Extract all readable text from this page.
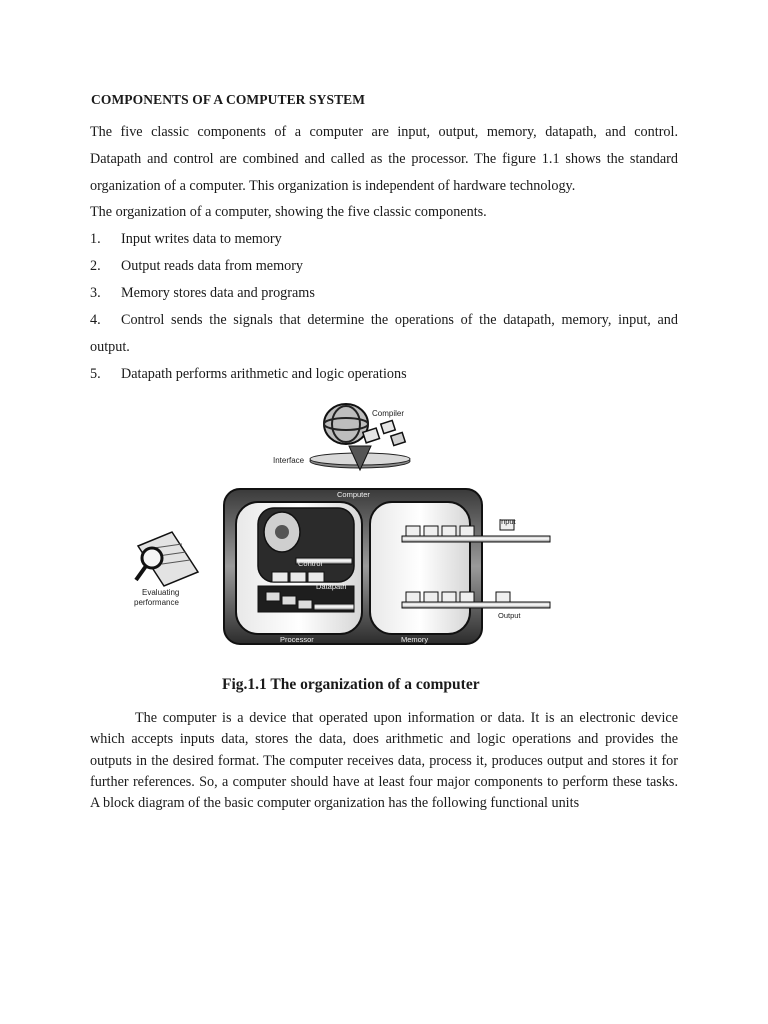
COMPONENTS OF A COMPUTER SYSTEM
The five classic components of a computer are input, output, memory, datapath, and control.
Datapath and control are combined and called as the processor. The figure 1.1 shows the standard
organization of a computer. This organization is independent of hardware technology.
The organization of a computer, showing the five classic components.
1. Input writes data to memory
2. Output reads data from memory
3. Memory stores data and programs
4. Control sends the signals that determine the operations of the datapath, memory, input, and
output.
5. Datapath performs arithmetic and logic operations
Compiler
Interface
Evaluating
performance
Computer
Control
Datapath
Processor	Memory
Input
Output
Fig.1.1 The organization of a computer

The computer is a device that operated upon information or data. It is an electronic device which accepts inputs data, stores the data, does arithmetic and logic operations and provides the outputs in the desired format. The computer receives data, process it, produces output and stores it for further references. So, a computer should have at least four major components to perform these tasks. A block diagram of the basic computer organization has the following functional units
